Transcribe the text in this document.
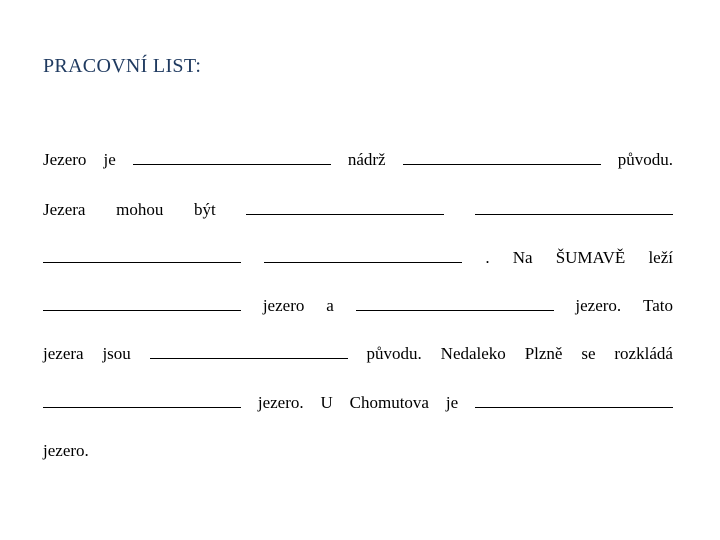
PRACOVNÍ LIST:
Jezero je	nádrž	původu.
Jezera mohou být
. Na ŠUMAVĚ leží
jezero a	jezero. Tato
jezera jsou	původu. Nedaleko Plzně se rozkládá
jezero. U Chomutova je
jezero.
